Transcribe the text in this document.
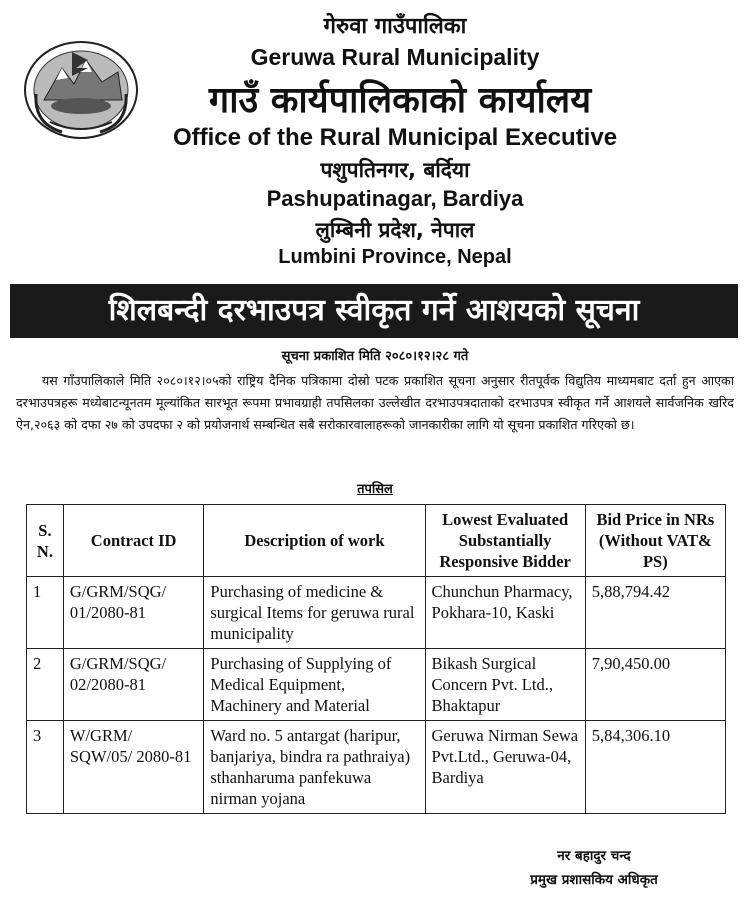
गेरुवा गाउँपालिका
Geruwa Rural Municipality
गाउँ कार्यपालिकाको कार्यालय
Office of the Rural Municipal Executive
पशुपतिनगर, बर्दिया
Pashupatinagar, Bardiya
लुम्बिनी प्रदेश, नेपाल
Lumbini Province, Nepal
शिलबन्दी दरभाउपत्र स्वीकृत गर्ने आशयको सूचना
सूचना प्रकाशित मिति २०८०।१२।२८ गते
यस गाँउपालिकाले मिति २०८०।१२।०५को राष्ट्रिय दैनिक पत्रिकामा दोस्रो पटक प्रकाशित सूचना अनुसार रीतपूर्वक विद्युतिय माध्यमबाट दर्ता हुन आएका दरभाउपत्रहरू मध्येबाटन्यूनतम मूल्यांकित सारभूत रूपमा प्रभावग्राही तपसिलका उल्लेखीत दरभाउपत्रदाताको दरभाउपत्र स्वीकृत गर्ने आशयले सार्वजनिक खरिद ऐन,२०६३ को दफा २७ को उपदफा २ को प्रयोजनार्थ सम्बन्धित सबै सरोकारवालाहरूको जानकारीका लागि यो सूचना प्रकाशित गरिएको छ।
तपसिल
S. N.	Contract ID	Description of work	Lowest Evaluated Substantially Responsive Bidder	Bid Price in NRs (Without VAT& PS)
1	G/GRM/SQG/ 01/2080-81	Purchasing of medicine & surgical Items for geruwa rural municipality	Chunchun Pharmacy, Pokhara-10, Kaski	5,88,794.42
2	G/GRM/SQG/ 02/2080-81	Purchasing of Supplying of Medical Equipment, Machinery and Material	Bikash Surgical Concern Pvt. Ltd., Bhaktapur	7,90,450.00
3	W/GRM/ SQW/05/ 2080-81	Ward no. 5 antargat (haripur, banjariya, bindra ra pathraiya) sthanharuma panfekuwa nirman yojana	Geruwa Nirman Sewa Pvt.Ltd., Geruwa-04, Bardiya	5,84,306.10
नर बहादुर चन्द
प्रमुख प्रशासकिय अधिकृत
